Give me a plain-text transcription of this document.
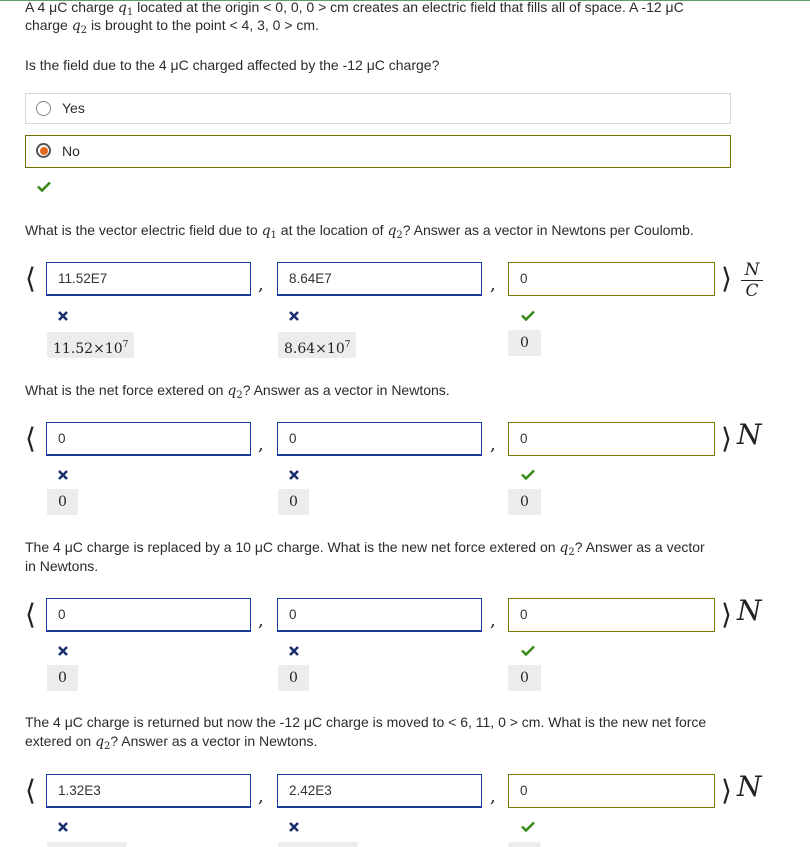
A 4 μC charge $q_1$ located at the origin < 0, 0, 0 > cm creates an electric field that fills all of space. A -12 μC
charge $q_2$ is brought to the point < 4, 3, 0 > cm.
Is the field due to the 4 μC charged affected by the -12 μC charge?
Yes
No
What is the vector electric field due to $q_1$ at the location of $q_2$? Answer as a vector in Newtons per Coulomb.
⟨	11.52E7	,	8.64E7	,	0	⟩ N
C
$11.52\times 10^7$	$8.64\times 10^7$	0
What is the net force extered on $q_2$? Answer as a vector in Newtons.
⟨	0	,	0	,	0	⟩ N
0	0	0
The 4 μC charge is replaced by a 10 μC charge. What is the new net force extered on $q_2$? Answer as a vector
in Newtons.
⟨	0	,	0	,	0	⟩ N
0	0	0
The 4 μC charge is returned but now the -12 μC charge is moved to < 6, 11, 0 > cm. What is the new net force
extered on $q_2$? Answer as a vector in Newtons.
⟨	1.32E3	,	2.42E3	,	0	⟩ N
